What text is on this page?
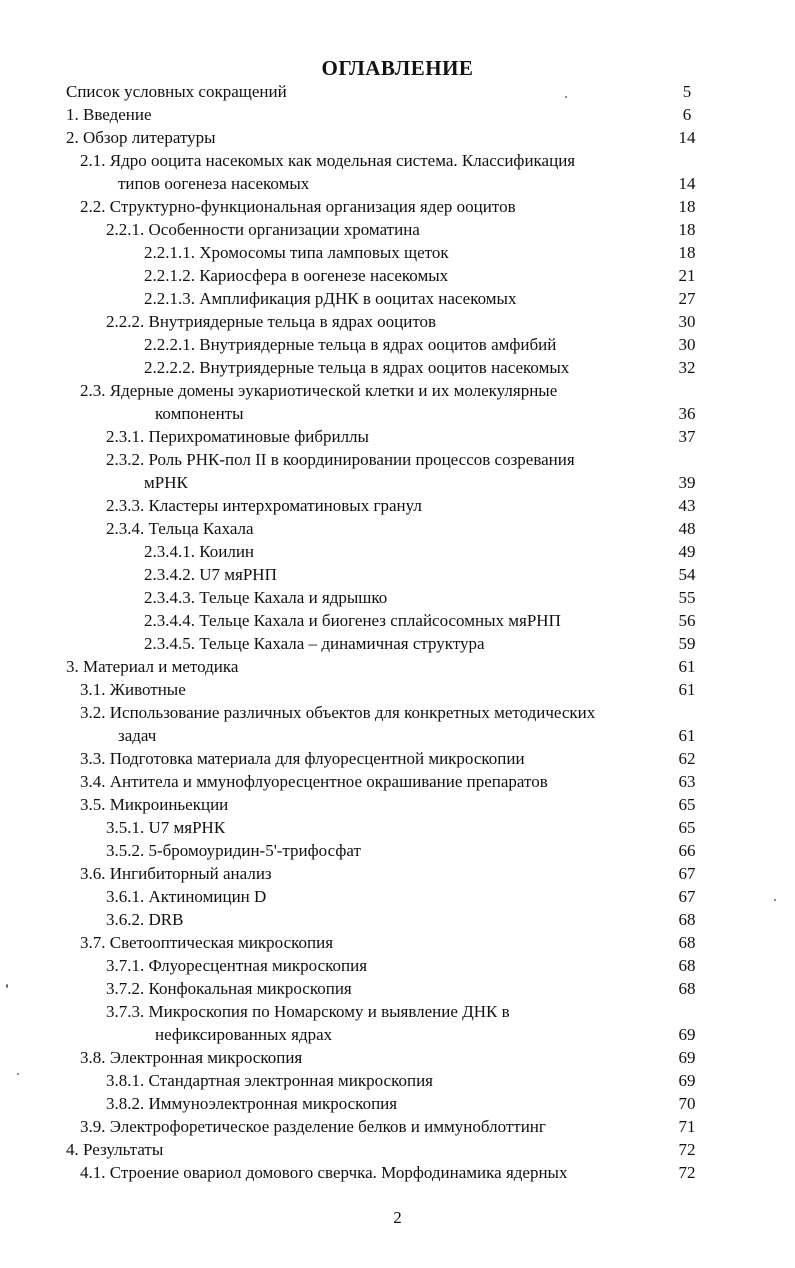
ОГЛАВЛЕНИЕ
Список условных сокращений	5
1. Введение	6
2. Обзор литературы	14
2.1. Ядро ооцита насекомых как модельная система. Классификация
типов оогенеза насекомых	14
2.2. Структурно-функциональная организация ядер ооцитов	18
2.2.1. Особенности организации хроматина	18
2.2.1.1. Хромосомы типа ламповых щеток	18
2.2.1.2. Кариосфера в оогенезе насекомых	21
2.2.1.3. Амплификация рДНК в ооцитах насекомых	27
2.2.2. Внутриядерные тельца в ядрах ооцитов	30
2.2.2.1. Внутриядерные тельца в ядрах ооцитов амфибий	30
2.2.2.2. Внутриядерные тельца в ядрах ооцитов насекомых	32
2.3. Ядерные домены эукариотической клетки и их молекулярные
компоненты	36
2.3.1. Перихроматиновые фибриллы	37
2.3.2. Роль РНК-пол II в координировании процессов созревания
мРНК	39
2.3.3. Кластеры интерхроматиновых гранул	43
2.3.4. Тельца Кахала	48
2.3.4.1. Коилин	49
2.3.4.2. U7 мяРНП	54
2.3.4.3. Тельце Кахала и ядрышко	55
2.3.4.4. Тельце Кахала и биогенез сплайсосомных мяРНП	56
2.3.4.5. Тельце Кахала – динамичная структура	59
3. Материал и методика	61
3.1. Животные	61
3.2. Использование различных объектов для конкретных методических
задач	61
3.3. Подготовка материала для флуоресцентной микроскопии	62
3.4. Антитела и ммунофлуоресцентное окрашивание препаратов	63
3.5. Микроиньекции	65
3.5.1. U7 мяРНК	65
3.5.2. 5-бромоуридин-5'-трифосфат	66
3.6. Ингибиторный анализ	67
3.6.1. Актиномицин D	67
3.6.2. DRB	68
3.7. Светооптическая микроскопия	68
3.7.1. Флуоресцентная микроскопия	68
3.7.2. Конфокальная микроскопия	68
3.7.3. Микроскопия по Номарскому и выявление ДНК в
нефиксированных ядрах	69
3.8. Электронная микроскопия	69
3.8.1. Стандартная электронная микроскопия	69
3.8.2. Иммуноэлектронная микроскопия	70
3.9. Электрофоретическое разделение белков и иммуноблоттинг	71
4. Результаты	72
4.1. Строение овариол домового сверчка. Морфодинамика ядерных	72
2
